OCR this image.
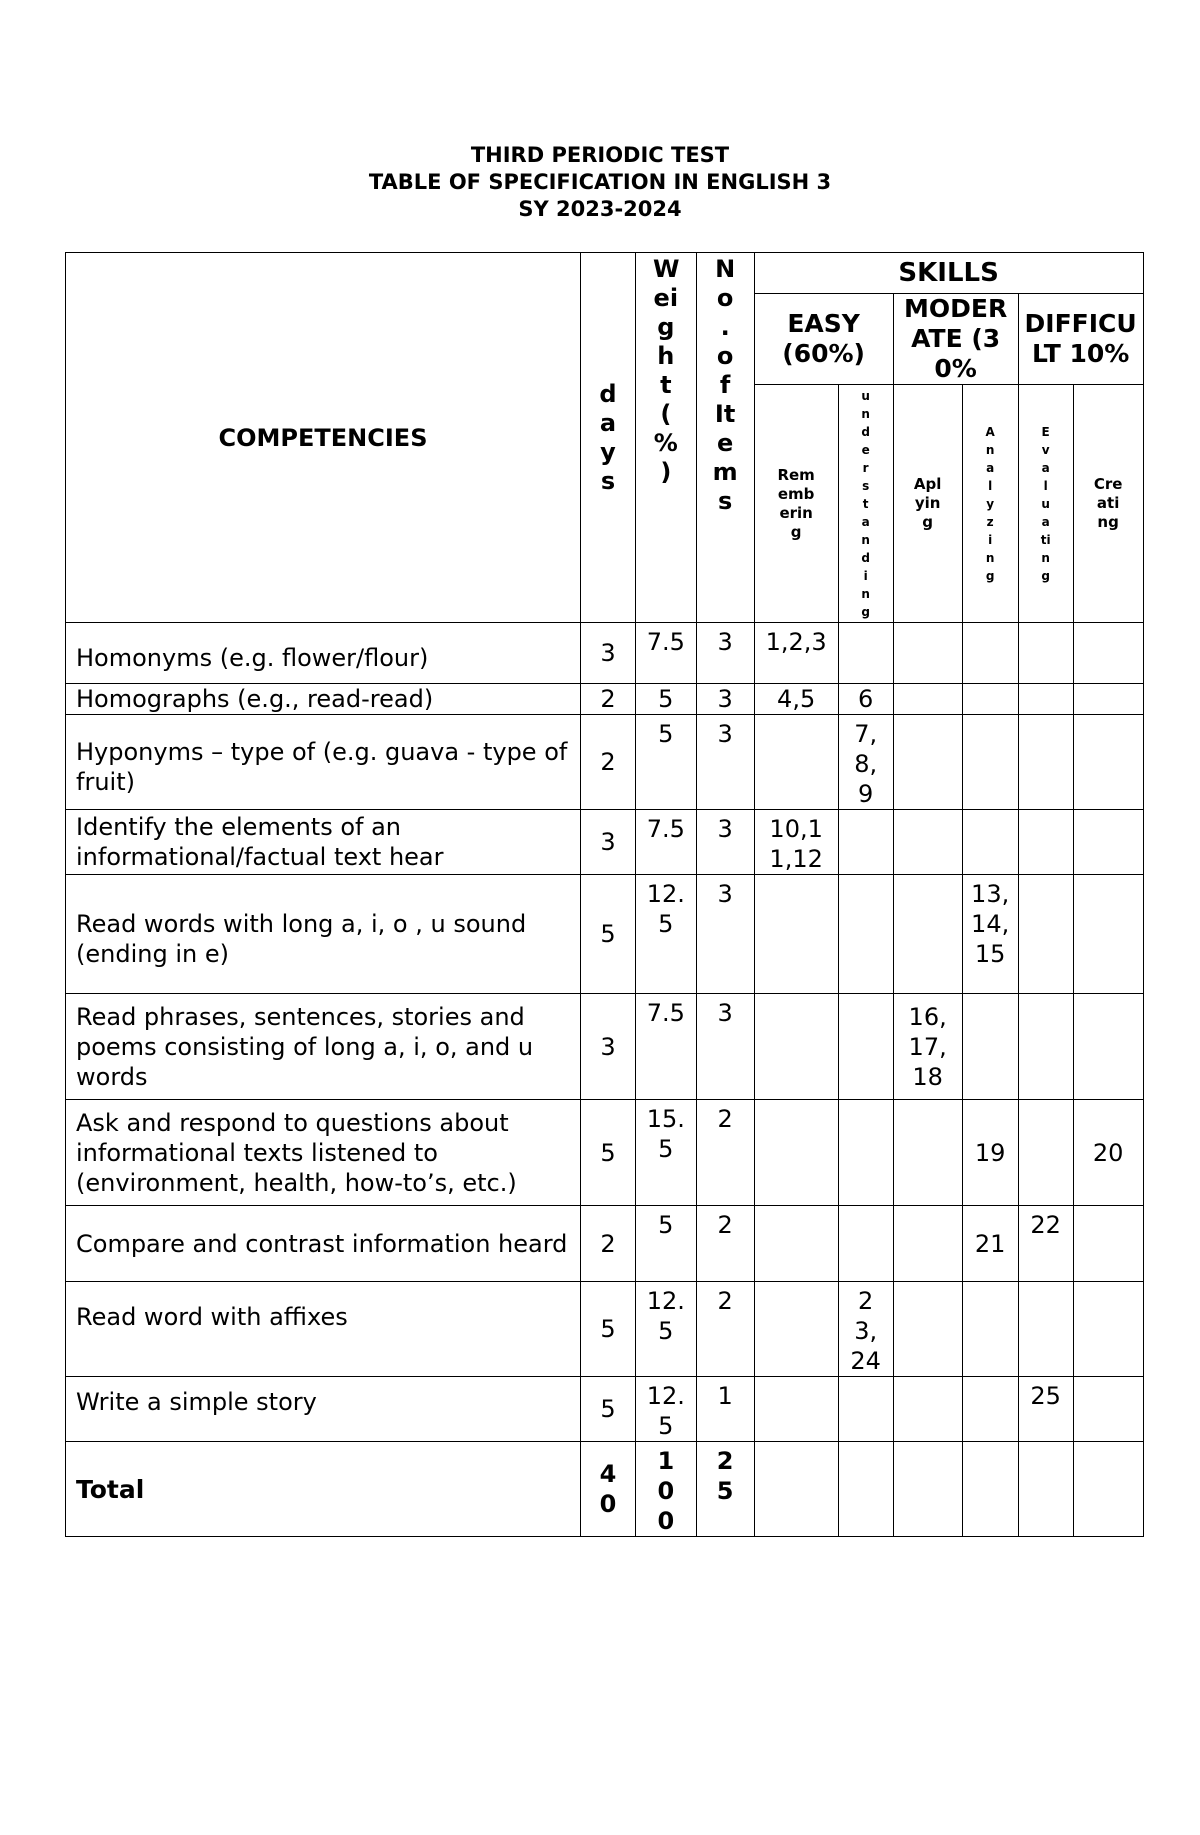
THIRD PERIODIC TEST
TABLE OF SPECIFICATION IN ENGLISH 3
SY 2023-2024
COMPETENCIES	days	Weight (%)	No.of Items	SKILLS					
				EASY (60%)		MODERATE (30%		DIFFICULT 10%	

				Remembering	understanding	Aplying	Analyzing	Evaluating	Creating

Homonyms (e.g. flower/flour)	3	7.5	3	1,2,3					
Homographs (e.g., read-read)	2	5	3	4,5	6				
Hyponyms – type of (e.g. guava - type of fruit)	2	5	3		7,8,9				
Identify the elements of an informational/factual text hear	3	7.5	3	10,11,12					
Read words with long a, i, o , u sound (ending in e)	5	12.5	3				13,14,15		
Read phrases, sentences, stories and poems consisting of long a, i, o, and u words	3	7.5	3			16,17,18			
Ask and respond to questions about informational texts listened to (environment, health, how-to’s, etc.)	5	15.5	2				19		20
Compare and contrast information heard	2	5	2				21	22	
Read word with affixes	5	12.5	2		23,24				
Write a simple story	5	12.5	1					25	
Total	40	100	25						
